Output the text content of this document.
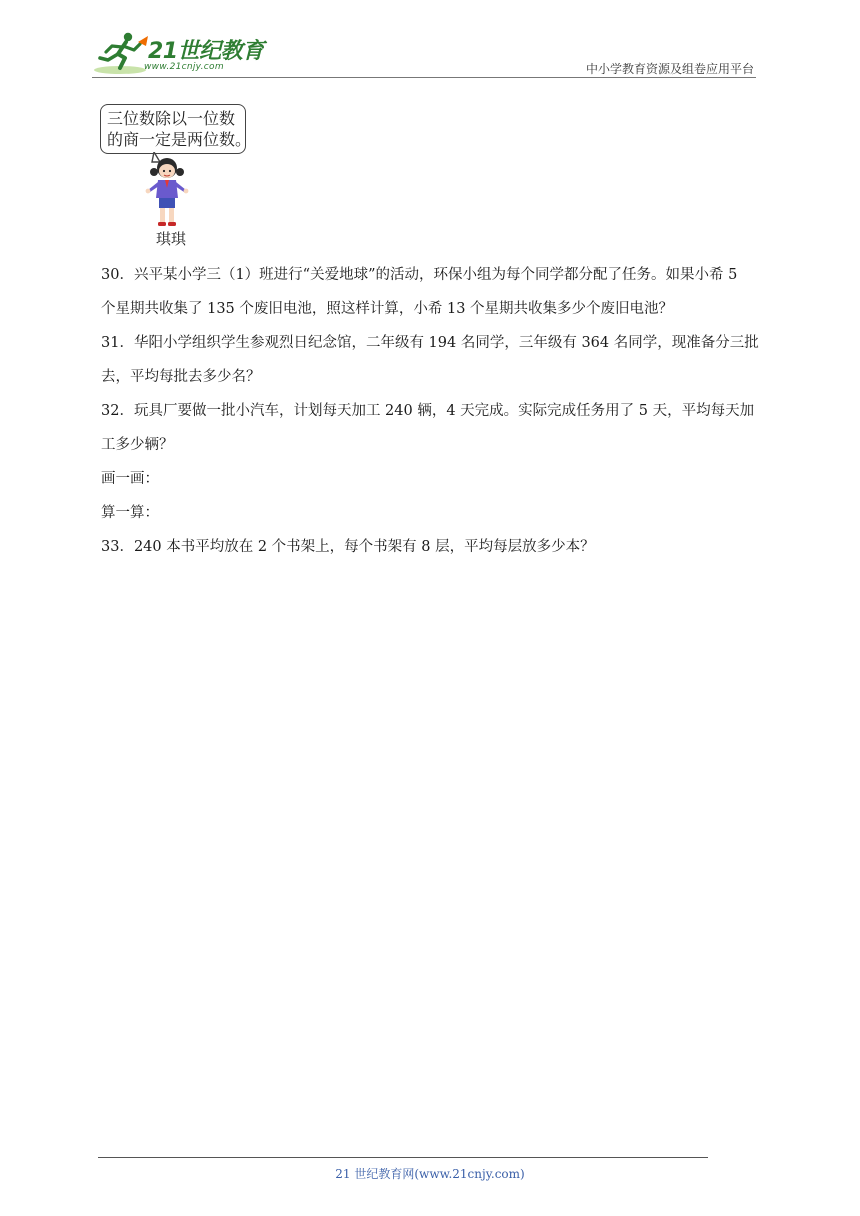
21世纪教育
www.21cnjy.com	中小学教育资源及组卷应用平台
三位数除以一位数
的商一定是两位数。
琪琪
30．兴平某小学三（1）班进行“关爱地球”的活动，环保小组为每个同学都分配了任务。如果小希 5
个星期共收集了 135 个废旧电池，照这样计算，小希 13 个星期共收集多少个废旧电池？
31．华阳小学组织学生参观烈日纪念馆，二年级有 194 名同学，三年级有 364 名同学，现准备分三批
去，平均每批去多少名？
32．玩具厂要做一批小汽车，计划每天加工 240 辆，4 天完成。实际完成任务用了 5 天，平均每天加
工多少辆？
画一画：
算一算：
33．240 本书平均放在 2 个书架上，每个书架有 8 层，平均每层放多少本？
21 世纪教育网(www.21cnjy.com)
